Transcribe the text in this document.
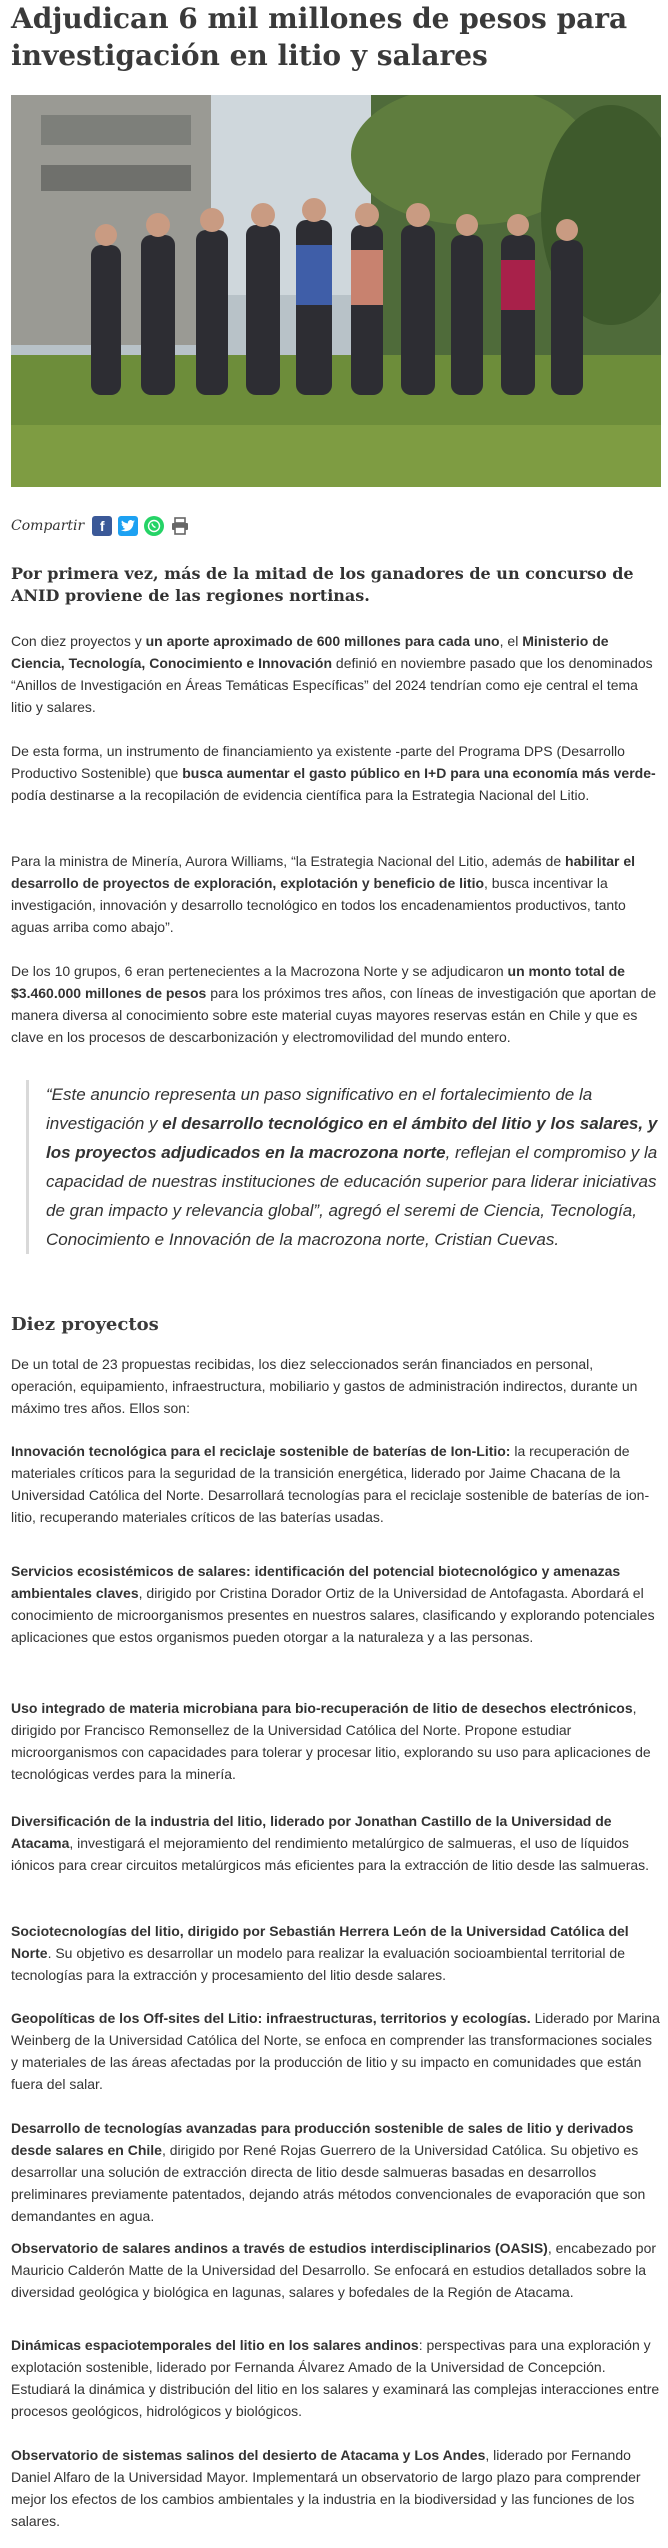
Adjudican 6 mil millones de pesos para investigación en litio y salares
Compartir	f
Por primera vez, más de la mitad de los ganadores de un concurso de ANID proviene de las regiones nortinas.

Con diez proyectos y un aporte aproximado de 600 millones para cada uno, el Ministerio de Ciencia, Tecnología, Conocimiento e Innovación definió en noviembre pasado que los denominados “Anillos de Investigación en Áreas Temáticas Específicas” del 2024 tendrían como eje central el tema litio y salares.

De esta forma, un instrumento de financiamiento ya existente -parte del Programa DPS (Desarrollo Productivo Sostenible) que busca aumentar el gasto público en I+D para una economía más verde- podía destinarse a la recopilación de evidencia científica para la Estrategia Nacional del Litio.

Para la ministra de Minería, Aurora Williams, “la Estrategia Nacional del Litio, además de habilitar el desarrollo de proyectos de exploración, explotación y beneficio de litio, busca incentivar la investigación, innovación y desarrollo tecnológico en todos los encadenamientos productivos, tanto aguas arriba como abajo”.

De los 10 grupos, 6 eran pertenecientes a la Macrozona Norte y se adjudicaron un monto total de $3.460.000 millones de pesos para los próximos tres años, con líneas de investigación que aportan de manera diversa al conocimiento sobre este material cuyas mayores reservas están en Chile y que es clave en los procesos de descarbonización y electromovilidad del mundo entero.

“Este anuncio representa un paso significativo en el fortalecimiento de la investigación y el desarrollo tecnológico en el ámbito del litio y los salares, y los proyectos adjudicados en la macrozona norte, reflejan el compromiso y la capacidad de nuestras instituciones de educación superior para liderar iniciativas de gran impacto y relevancia global”, agregó el seremi de Ciencia, Tecnología, Conocimiento e Innovación de la macrozona norte, Cristian Cuevas.
Diez proyectos

De un total de 23 propuestas recibidas, los diez seleccionados serán financiados en personal, operación, equipamiento, infraestructura, mobiliario y gastos de administración indirectos, durante un máximo tres años. Ellos son:

Innovación tecnológica para el reciclaje sostenible de baterías de Ion-Litio: la recuperación de materiales críticos para la seguridad de la transición energética, liderado por Jaime Chacana de la Universidad Católica del Norte. Desarrollará tecnologías para el reciclaje sostenible de baterías de ion-litio, recuperando materiales críticos de las baterías usadas.

Servicios ecosistémicos de salares: identificación del potencial biotecnológico y amenazas ambientales claves, dirigido por Cristina Dorador Ortiz de la Universidad de Antofagasta. Abordará el conocimiento de microorganismos presentes en nuestros salares, clasificando y explorando potenciales aplicaciones que estos organismos pueden otorgar a la naturaleza y a las personas.

Uso integrado de materia microbiana para bio-recuperación de litio de desechos electrónicos, dirigido por Francisco Remonsellez de la Universidad Católica del Norte. Propone estudiar microorganismos con capacidades para tolerar y procesar litio, explorando su uso para aplicaciones de tecnológicas verdes para la minería.

Diversificación de la industria del litio, liderado por Jonathan Castillo de la Universidad de Atacama, investigará el mejoramiento del rendimiento metalúrgico de salmueras, el uso de líquidos iónicos para crear circuitos metalúrgicos más eficientes para la extracción de litio desde las salmueras.

Sociotecnologías del litio, dirigido por Sebastián Herrera León de la Universidad Católica del Norte. Su objetivo es desarrollar un modelo para realizar la evaluación socioambiental territorial de tecnologías para la extracción y procesamiento del litio desde salares.

Geopolíticas de los Off-sites del Litio: infraestructuras, territorios y ecologías. Liderado por Marina Weinberg de la Universidad Católica del Norte, se enfoca en comprender las transformaciones sociales y materiales de las áreas afectadas por la producción de litio y su impacto en comunidades que están fuera del salar.

Desarrollo de tecnologías avanzadas para producción sostenible de sales de litio y derivados desde salares en Chile, dirigido por René Rojas Guerrero de la Universidad Católica. Su objetivo es desarrollar una solución de extracción directa de litio desde salmueras basadas en desarrollos preliminares previamente patentados, dejando atrás métodos convencionales de evaporación que son demandantes en agua.

Observatorio de salares andinos a través de estudios interdisciplinarios (OASIS), encabezado por Mauricio Calderón Matte de la Universidad del Desarrollo. Se enfocará en estudios detallados sobre la diversidad geológica y biológica en lagunas, salares y bofedales de la Región de Atacama.

Dinámicas espaciotemporales del litio en los salares andinos: perspectivas para una exploración y explotación sostenible, liderado por Fernanda Álvarez Amado de la Universidad de Concepción. Estudiará la dinámica y distribución del litio en los salares y examinará las complejas interacciones entre procesos geológicos, hidrológicos y biológicos.

Observatorio de sistemas salinos del desierto de Atacama y Los Andes, liderado por Fernando Daniel Alfaro de la Universidad Mayor. Implementará un observatorio de largo plazo para comprender mejor los efectos de los cambios ambientales y la industria en la biodiversidad y las funciones de los salares.
